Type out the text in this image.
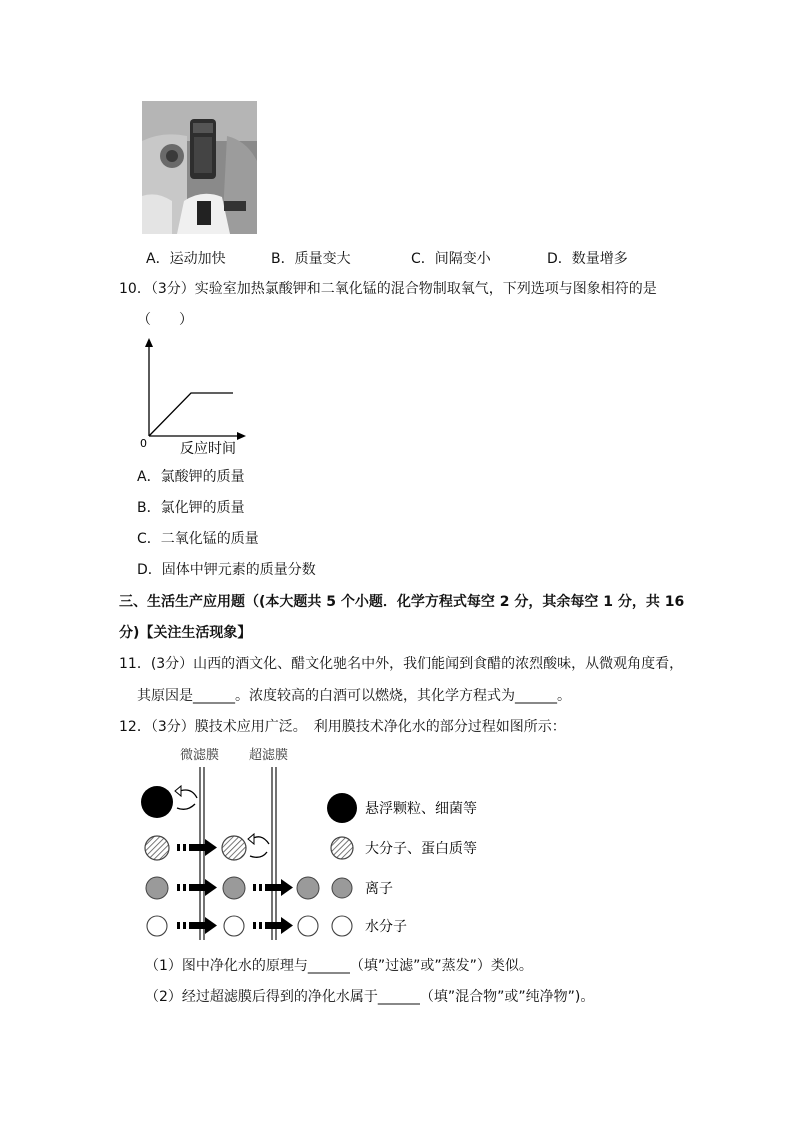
A．运动加快	B．质量变大	C．间隔变小	D．数量增多
10．（3分）实验室加热氯酸钾和二氧化锰的混合物制取氧气，下列选项与图象相符的是
（　　）
0 反应时间
A．氯酸钾的质量
B．氯化钾的质量
C．二氧化锰的质量
D．固体中钾元素的质量分数
三、生活生产应用题（(本大题共 5 个小题．化学方程式每空 2 分，其余每空 1 分，共 16
分)【关注生活现象】
11．(3分）山西的酒文化、醋文化驰名中外，我们能闻到食醋的浓烈酸味，从微观角度看，
其原因是______。浓度较高的白酒可以燃烧，其化学方程式为______。
12．（3分）膜技术应用广泛。　利用膜技术净化水的部分过程如图所示：
微滤膜 超滤膜
悬浮颗粒、细菌等
大分子、蛋白质等
离子
水分子
（1）图中净化水的原理与______（填”过滤”或”蒸发”）类似。
（2）经过超滤膜后得到的净化水属于______（填”混合物”或”纯净物”)。
